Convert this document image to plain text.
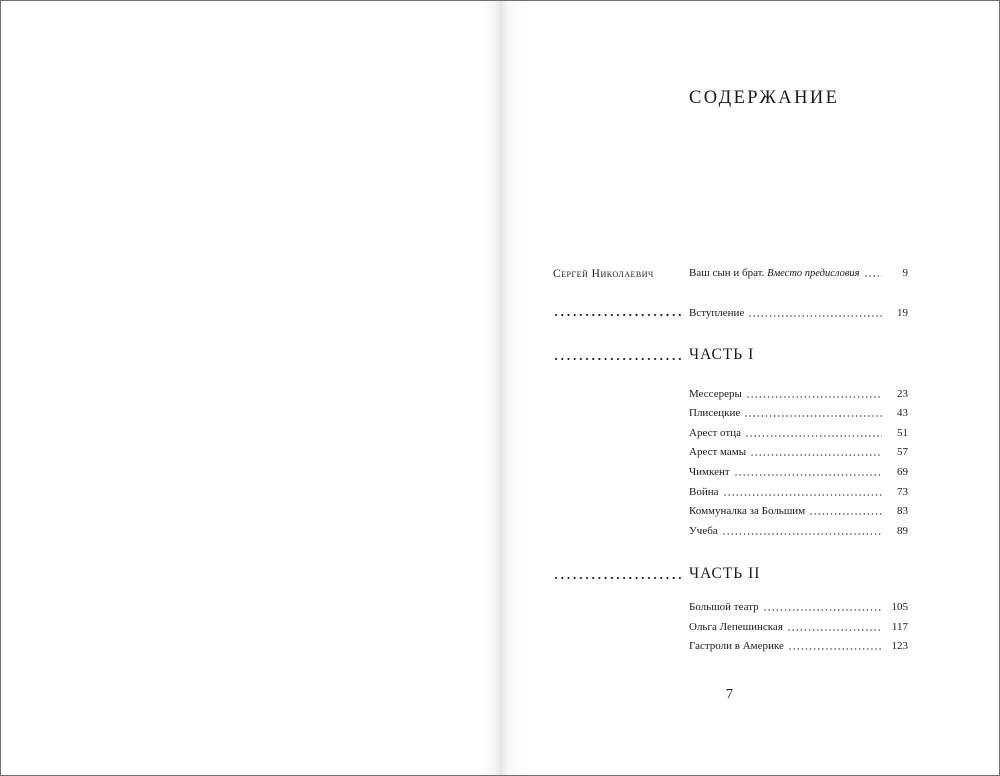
СОДЕРЖАНИЕ
Сергей Николаевич	Ваш сын и брат. Вместо предисловия	9
Вступление	19
ЧАСТЬ I
Мессереры	23
Плисецкие	43
Арест отца	51
Арест мамы	57
Чимкент	69
Война	73
Коммуналка за Большим	83
Учеба	89
ЧАСТЬ II
Большой театр	105
Ольга Лепешинская	117
Гастроли в Америке	123
7
